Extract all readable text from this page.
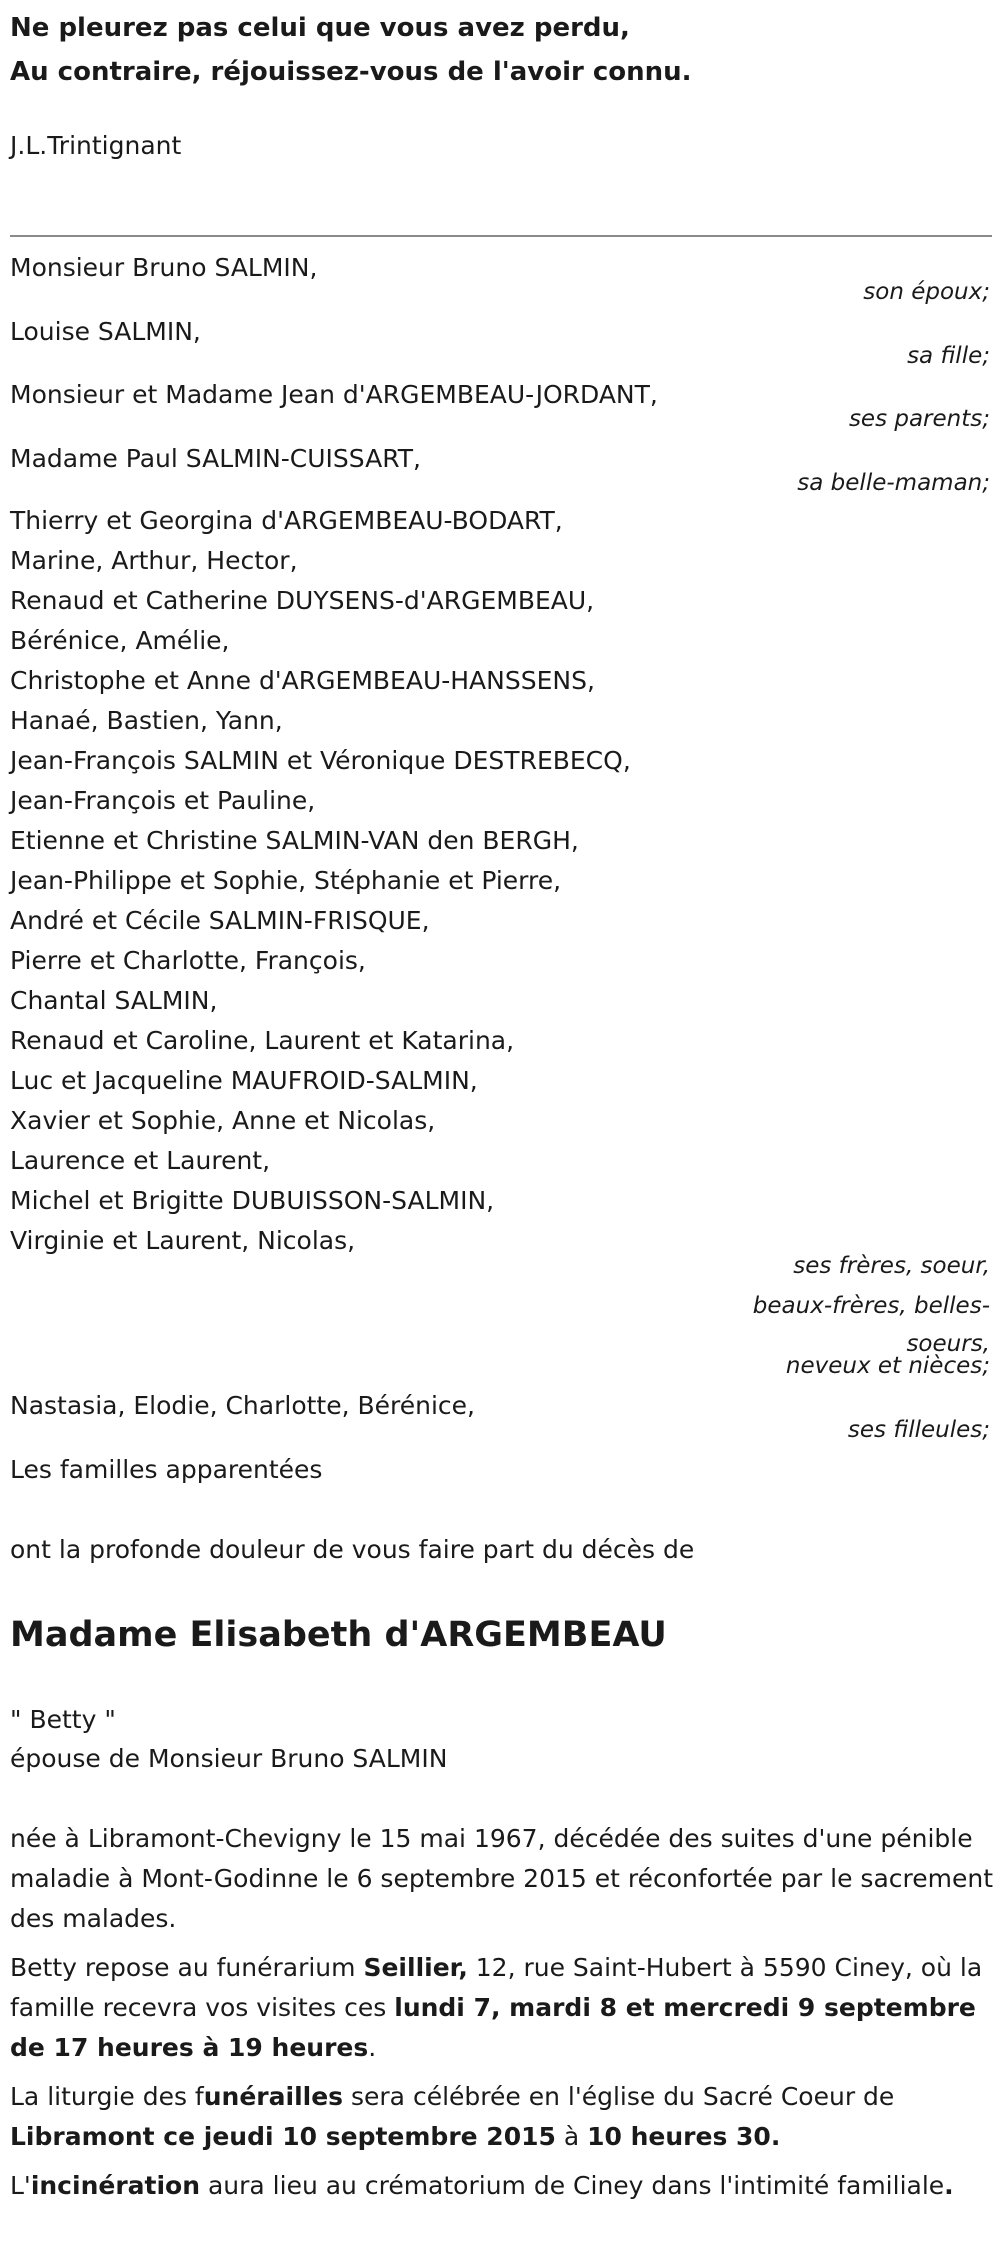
Ne pleurez pas celui que vous avez perdu,
Au contraire, réjouissez-vous de l'avoir connu.
J.L.Trintignant
Monsieur Bruno SALMIN,
son époux;
Louise SALMIN,
sa fille;
Monsieur et Madame Jean d'ARGEMBEAU-JORDANT,
ses parents;
Madame Paul SALMIN-CUISSART,
sa belle-maman;
Thierry et Georgina d'ARGEMBEAU-BODART,
Marine, Arthur, Hector,
Renaud et Catherine DUYSENS-d'ARGEMBEAU,
Bérénice, Amélie,
Christophe et Anne d'ARGEMBEAU-HANSSENS,
Hanaé, Bastien, Yann,
Jean-François SALMIN et Véronique DESTREBECQ,
Jean-François et Pauline,
Etienne et Christine SALMIN-VAN den BERGH,
Jean-Philippe et Sophie, Stéphanie et Pierre,
André et Cécile SALMIN-FRISQUE,
Pierre et Charlotte, François,
Chantal SALMIN,
Renaud et Caroline, Laurent et Katarina,
Luc et Jacqueline MAUFROID-SALMIN,
Xavier et Sophie, Anne et Nicolas,
Laurence et Laurent,
Michel et Brigitte DUBUISSON-SALMIN,
Virginie et Laurent, Nicolas,
ses frères, soeur,
beaux-frères, belles-
soeurs,
neveux et nièces;
Nastasia, Elodie, Charlotte, Bérénice,
ses filleules;
Les familles apparentées
ont la profonde douleur de vous faire part du décès de
Madame Elisabeth d'ARGEMBEAU
" Betty "
épouse de Monsieur Bruno SALMIN
née à Libramont-Chevigny le 15 mai 1967, décédée des suites d'une pénible maladie à Mont-Godinne le 6 septembre 2015 et réconfortée par le sacrement des malades.
Betty repose au funérarium Seillier, 12, rue Saint-Hubert à 5590 Ciney, où la famille recevra vos visites ces lundi 7, mardi 8 et mercredi 9 septembre de 17 heures à 19 heures.
La liturgie des funérailles sera célébrée en l'église du Sacré Coeur de Libramont ce jeudi 10 septembre 2015 à 10 heures 30.
L'incinération aura lieu au crématorium de Ciney dans l'intimité familiale.
